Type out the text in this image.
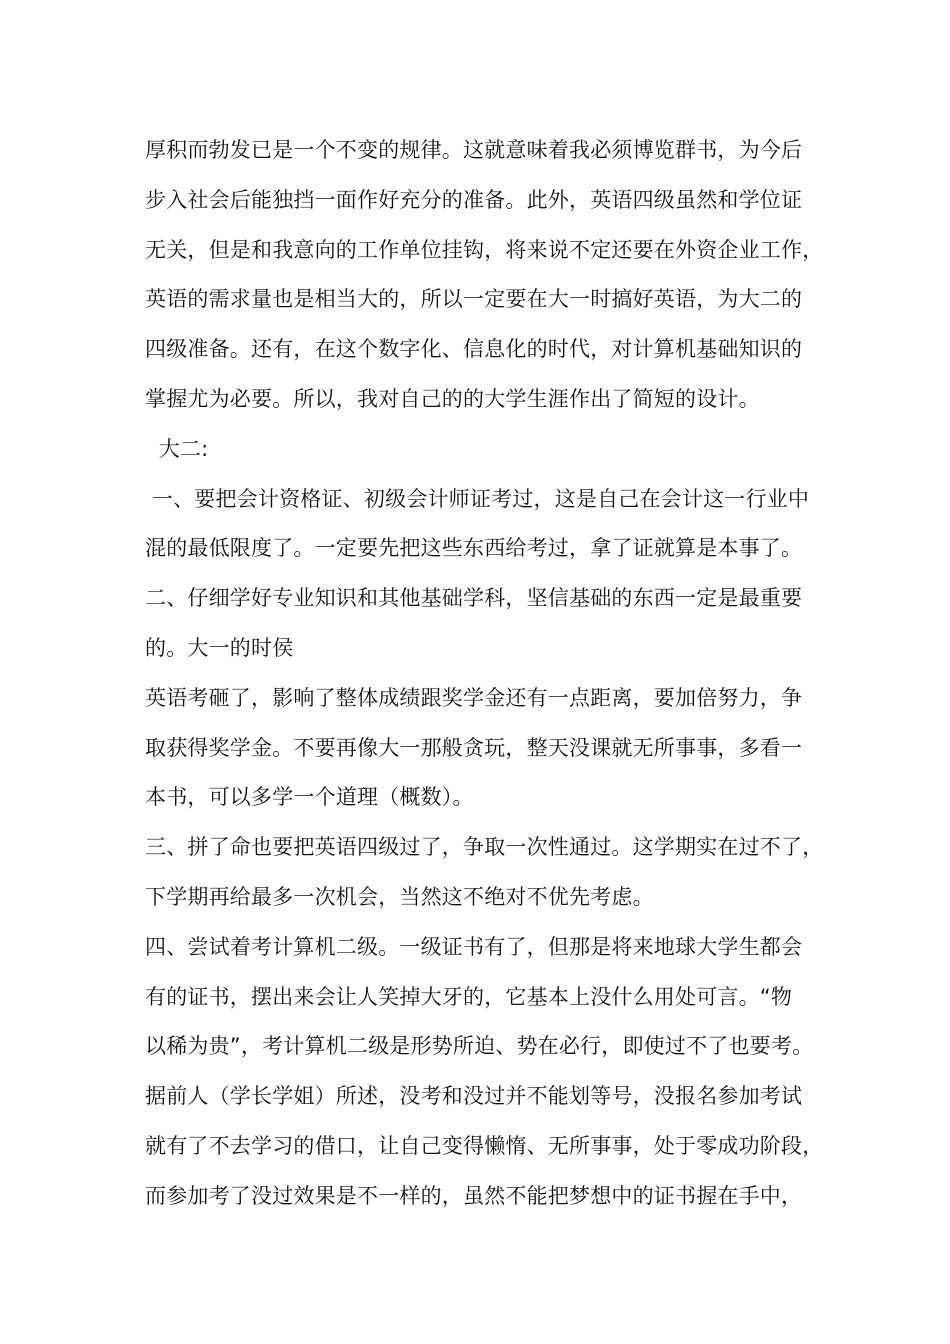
厚积而勃发已是一个不变的规律。这就意味着我必须博览群书，为今后
步入社会后能独挡一面作好充分的准备。此外，英语四级虽然和学位证
无关，但是和我意向的工作单位挂钩，将来说不定还要在外资企业工作，
英语的需求量也是相当大的，所以一定要在大一时搞好英语，为大二的
四级准备。还有，在这个数字化、信息化的时代，对计算机基础知识的
掌握尤为必要。所以，我对自己的的大学生涯作出了简短的设计。
大二:
一、要把会计资格证、初级会计师证考过，这是自己在会计这一行业中
混的最低限度了。一定要先把这些东西给考过，拿了证就算是本事了。
二、仔细学好专业知识和其他基础学科，坚信基础的东西一定是最重要
的。大一的时侯
英语考砸了，影响了整体成绩跟奖学金还有一点距离，要加倍努力，争
取获得奖学金。不要再像大一那般贪玩，整天没课就无所事事，多看一
本书，可以多学一个道理（概数）。
三、拼了命也要把英语四级过了，争取一次性通过。这学期实在过不了，
下学期再给最多一次机会，当然这不绝对不优先考虑。
四、尝试着考计算机二级。一级证书有了，但那是将来地球大学生都会
有的证书，摆出来会让人笑掉大牙的，它基本上没什么用处可言。“物
以稀为贵”，考计算机二级是形势所迫、势在必行，即使过不了也要考。
据前人（学长学姐）所述，没考和没过并不能划等号，没报名参加考试
就有了不去学习的借口，让自己变得懒惰、无所事事，处于零成功阶段，
而参加考了没过效果是不一样的，虽然不能把梦想中的证书握在手中，
